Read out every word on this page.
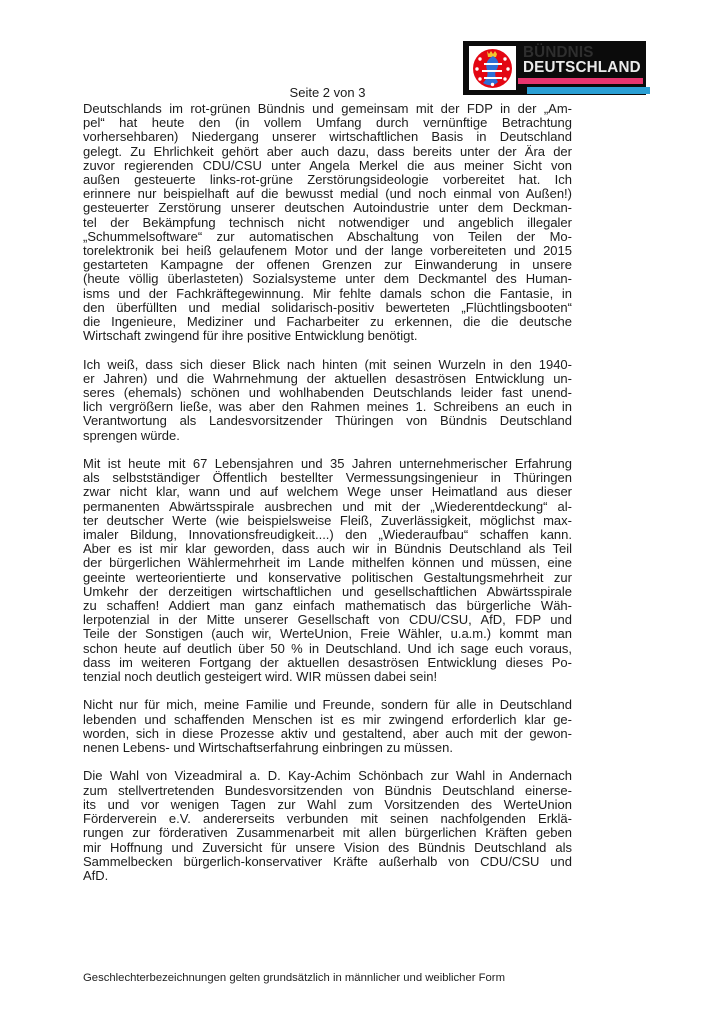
BÜNDNIS
DEUTSCHLAND
Seite 2 von 3
Deutschlands im rot-grünen Bündnis und gemeinsam mit der FDP in der „Am-
pel“ hat heute den (in vollem Umfang durch vernünftige Betrachtung
vorhersehbaren) Niedergang unserer wirtschaftlichen Basis in Deutschland
gelegt. Zu Ehrlichkeit gehört aber auch dazu, dass bereits unter der Ära der
zuvor regierenden CDU/CSU unter Angela Merkel die aus meiner Sicht von
außen gesteuerte links-rot-grüne Zerstörungsideologie vorbereitet hat. Ich
erinnere nur beispielhaft auf die bewusst medial (und noch einmal von Außen!)
gesteuerter Zerstörung unserer deutschen Autoindustrie unter dem Deckman-
tel der Bekämpfung technisch nicht notwendiger und angeblich illegaler
„Schummelsoftware“ zur automatischen Abschaltung von Teilen der Mo-
torelektronik bei heiß gelaufenem Motor und der lange vorbereiteten und 2015
gestarteten Kampagne der offenen Grenzen zur Einwanderung in unsere
(heute völlig überlasteten) Sozialsysteme unter dem Deckmantel des Human-
isms und der Fachkräftegewinnung. Mir fehlte damals schon die Fantasie, in
den überfüllten und medial solidarisch-positiv bewerteten „Flüchtlingsbooten“
die Ingenieure, Mediziner und Facharbeiter zu erkennen, die die deutsche
Wirtschaft zwingend für ihre positive Entwicklung benötigt.
Ich weiß, dass sich dieser Blick nach hinten (mit seinen Wurzeln in den 1940-
er Jahren) und die Wahrnehmung der aktuellen desaströsen Entwicklung un-
seres (ehemals) schönen und wohlhabenden Deutschlands leider fast unend-
lich vergrößern ließe, was aber den Rahmen meines 1. Schreibens an euch in
Verantwortung als Landesvorsitzender Thüringen von Bündnis Deutschland
sprengen würde.
Mit ist heute mit 67 Lebensjahren und 35 Jahren unternehmerischer Erfahrung
als selbstständiger Öffentlich bestellter Vermessungsingenieur in Thüringen
zwar nicht klar, wann und auf welchem Wege unser Heimatland aus dieser
permanenten Abwärtsspirale ausbrechen und mit der „Wiederentdeckung“ al-
ter deutscher Werte (wie beispielsweise Fleiß, Zuverlässigkeit, möglichst max-
imaler Bildung, Innovationsfreudigkeit....) den „Wiederaufbau“ schaffen kann.
Aber es ist mir klar geworden, dass auch wir in Bündnis Deutschland als Teil
der bürgerlichen Wählermehrheit im Lande mithelfen können und müssen, eine
geeinte werteorientierte und konservative politischen Gestaltungsmehrheit zur
Umkehr der derzeitigen wirtschaftlichen und gesellschaftlichen Abwärtsspirale
zu schaffen! Addiert man ganz einfach mathematisch das bürgerliche Wäh-
lerpotenzial in der Mitte unserer Gesellschaft von CDU/CSU, AfD, FDP und
Teile der Sonstigen (auch wir, WerteUnion, Freie Wähler, u.a.m.) kommt man
schon heute auf deutlich über 50 % in Deutschland. Und ich sage euch voraus,
dass im weiteren Fortgang der aktuellen desaströsen Entwicklung dieses Po-
tenzial noch deutlich gesteigert wird. WIR müssen dabei sein!
Nicht nur für mich, meine Familie und Freunde, sondern für alle in Deutschland
lebenden und schaffenden Menschen ist es mir zwingend erforderlich klar ge-
worden, sich in diese Prozesse aktiv und gestaltend, aber auch mit der gewon-
nenen Lebens- und Wirtschaftserfahrung einbringen zu müssen.
Die Wahl von Vizeadmiral a. D. Kay-Achim Schönbach zur Wahl in Andernach
zum stellvertretenden Bundesvorsitzenden von Bündnis Deutschland einerse-
its und vor wenigen Tagen zur Wahl zum Vorsitzenden des WerteUnion
Förderverein e.V. andererseits verbunden mit seinen nachfolgenden Erklä-
rungen zur förderativen Zusammenarbeit mit allen bürgerlichen Kräften geben
mir Hoffnung und Zuversicht für unsere Vision des Bündnis Deutschland als
Sammelbecken bürgerlich-konservativer Kräfte außerhalb von CDU/CSU und
AfD.
Geschlechterbezeichnungen gelten grundsätzlich in männlicher und weiblicher Form
